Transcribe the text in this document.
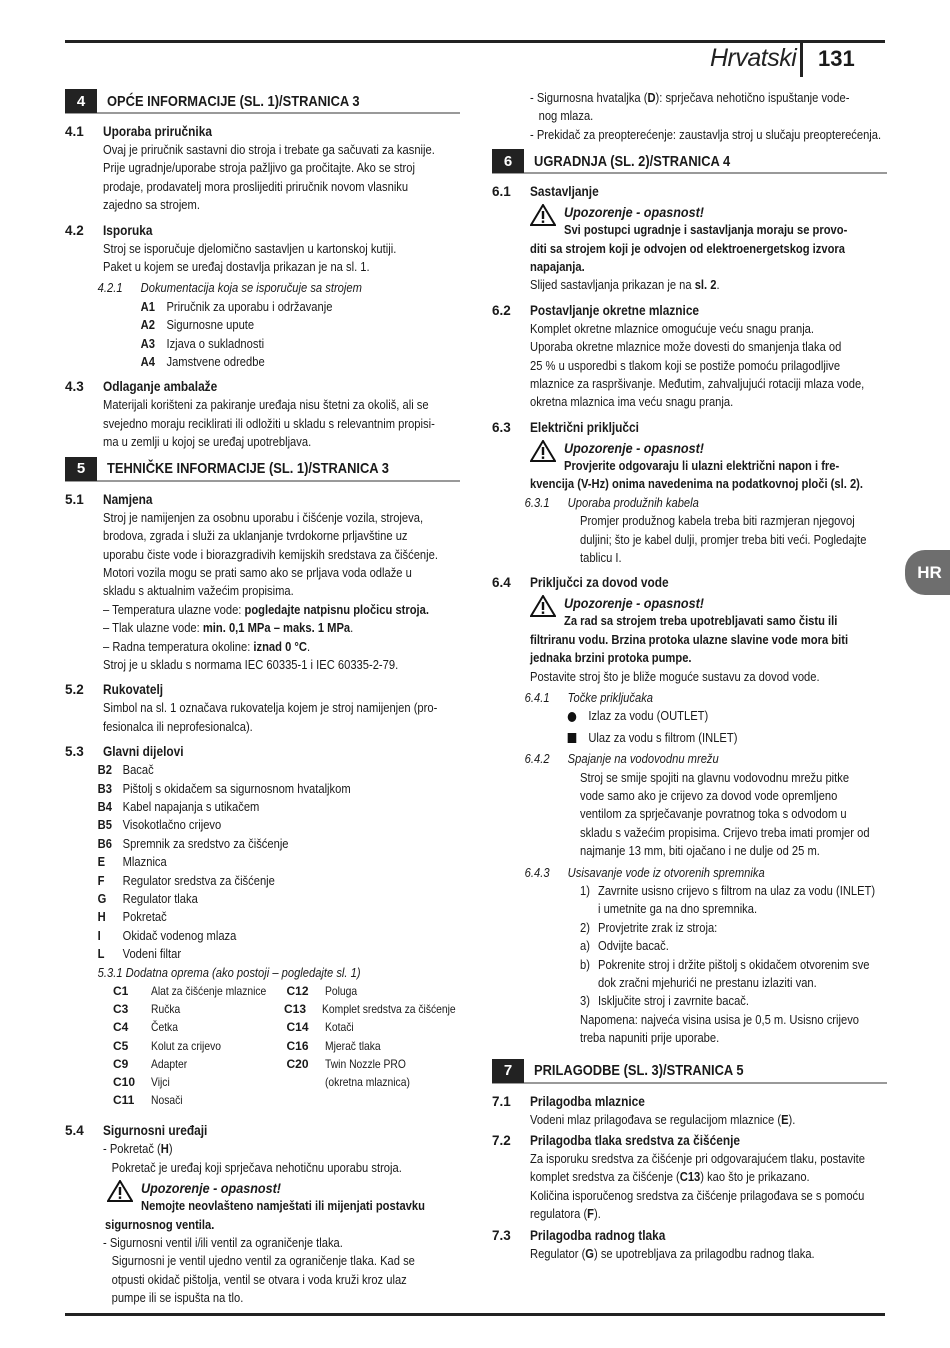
Hrvatski 131
HR
4	OPĆE INFORMACIJE (SL. 1)/STRANICA 3
4.1	Uporaba priručnika
Ovaj je priručnik sastavni dio stroja i trebate ga sačuvati za kasnije.
Prije ugradnje/uporabe stroja pažljivo ga pročitajte. Ako se stroj
prodaje, prodavatelj mora proslijediti priručnik novom vlasniku
zajedno sa strojem.
4.2	Isporuka
Stroj se isporučuje djelomično sastavljen u kartonskoj kutiji.
Paket u kojem se uređaj dostavlja prikazan je na sl. 1.
4.2.1	Dokumentacija koja se isporučuje sa strojem
A1 Priručnik za uporabu i održavanje
A2 Sigurnosne upute
A3 Izjava o sukladnosti
A4 Jamstvene odredbe
4.3	Odlaganje ambalaže
Materijali korišteni za pakiranje uređaja nisu štetni za okoliš, ali se
svejedno moraju reciklirati ili odložiti u skladu s relevantnim propisi-
ma u zemlji u kojoj se uređaj upotrebljava.
5	TEHNIČKE INFORMACIJE (SL. 1)/STRANICA 3
5.1	Namjena
Stroj je namijenjen za osobnu uporabu i čišćenje vozila, strojeva,
brodova, zgrada i služi za uklanjanje tvrdokorne prljavštine uz
uporabu čiste vode i biorazgradivih kemijskih sredstava za čišćenje.
Motori vozila mogu se prati samo ako se prljava voda odlaže u
skladu s aktualnim važećim propisima.
– Temperatura ulazne vode: pogledajte natpisnu pločicu stroja.
– Tlak ulazne vode: min. 0,1 MPa – maks. 1 MPa.
– Radna temperatura okoline: iznad 0 °C.
Stroj je u skladu s normama IEC 60335-1 i IEC 60335-2-79.
5.2	Rukovatelj
Simbol na sl. 1 označava rukovatelja kojem je stroj namijenjen (pro-
fesionalca ili neprofesionalca).
5.3	Glavni dijelovi
B2 Bacač
B3 Pištolj s okidačem sa sigurnosnom hvataljkom
B4 Kabel napajanja s utikačem
B5 Visokotlačno crijevo
B6 Spremnik za sredstvo za čišćenje
E	Mlaznica
F	Regulator sredstva za čišćenje
G	Regulator tlaka
H	Pokretač
I	Okidač vodenog mlaza
L	Vodeni filtar
5.3.1 Dodatna oprema (ako postoji – pogledajte sl. 1)
C1	Alat za čišćenje mlaznice C12	Poluga
C3	Ručka	C13	Komplet sredstva za čišćenje
C4	Četka	C14	Kotači
C5	Kolut za crijevo	C16	Mjerač tlaka
C9	Adapter	C20	Twin Nozzle PRO
C10	Vijci	(okretna mlaznica)
C11	Nosači
5.4	Sigurnosni uređaji
- Pokretač (H)
Pokretač je uređaj koji sprječava nehotičnu uporabu stroja.
Upozorenje - opasnost!
Nemojte neovlašteno namještati ili mijenjati postavku
sigurnosnog ventila.
- Sigurnosni ventil i/ili ventil za ograničenje tlaka.
Sigurnosni je ventil ujedno ventil za ograničenje tlaka. Kad se
otpusti okidač pištolja, ventil se otvara i voda kruži kroz ulaz
pumpe ili se ispušta na tlo.
- Sigurnosna hvataljka (D): sprječava nehotično ispuštanje vode-
nog mlaza.
- Prekidač za preopterećenje: zaustavlja stroj u slučaju preopterećenja.
6	UGRADNJA (SL. 2)/STRANICA 4
6.1	Sastavljanje
Upozorenje - opasnost!
Svi postupci ugradnje i sastavljanja moraju se provo-
diti sa strojem koji je odvojen od elektroenergetskog izvora
napajanja.
Slijed sastavljanja prikazan je na sl. 2.
6.2	Postavljanje okretne mlaznice
Komplet okretne mlaznice omogućuje veću snagu pranja.
Uporaba okretne mlaznice može dovesti do smanjenja tlaka od
25 % u usporedbi s tlakom koji se postiže pomoću prilagodljive
mlaznice za raspršivanje. Međutim, zahvaljujući rotaciji mlaza vode,
okretna mlaznica ima veću snagu pranja.
6.3	Električni priključci
Upozorenje - opasnost!
Provjerite odgovaraju li ulazni električni napon i fre-
kvencija (V-Hz) onima navedenima na podatkovnoj ploči (sl. 2).
6.3.1	Uporaba produžnih kabela
Promjer produžnog kabela treba biti razmjeran njegovoj
duljini; što je kabel dulji, promjer treba biti veći. Pogledajte
tablicu I.
6.4	Priključci za dovod vode
Upozorenje - opasnost!
Za rad sa strojem treba upotrebljavati samo čistu ili
filtriranu vodu. Brzina protoka ulazne slavine vode mora biti
jednaka brzini protoka pumpe.
Postavite stroj što je bliže moguće sustavu za dovod vode.
6.4.1	Točke priključaka
Izlaz za vodu (OUTLET)
Ulaz za vodu s filtrom (INLET)
6.4.2	Spajanje na vodovodnu mrežu
Stroj se smije spojiti na glavnu vodovodnu mrežu pitke
vode samo ako je crijevo za dovod vode opremljeno
ventilom za sprječavanje povratnog toka s odvodom u
skladu s važećim propisima. Crijevo treba imati promjer od
najmanje 13 mm, biti ojačano i ne dulje od 25 m.
6.4.3	Usisavanje vode iz otvorenih spremnika
1) Zavrnite usisno crijevo s filtrom na ulaz za vodu (INLET)
i umetnite ga na dno spremnika.
2) Provjetrite zrak iz stroja:
a) Odvijte bacač.
b) Pokrenite stroj i držite pištolj s okidačem otvorenim sve
dok zračni mjehurići ne prestanu izlaziti van.
3) Isključite stroj i zavrnite bacač.
Napomena: najveća visina usisa je 0,5 m. Usisno crijevo
treba napuniti prije uporabe.
7	PRILAGODBE (SL. 3)/STRANICA 5
7.1	Prilagodba mlaznice
Vodeni mlaz prilagođava se regulacijom mlaznice (E).
7.2	Prilagodba tlaka sredstva za čišćenje
Za isporuku sredstva za čišćenje pri odgovarajućem tlaku, postavite
komplet sredstva za čišćenje (C13) kao što je prikazano.
Količina isporučenog sredstva za čišćenje prilagođava se s pomoću
regulatora (F).
7.3	Prilagodba radnog tlaka
Regulator (G) se upotrebljava za prilagodbu radnog tlaka.
